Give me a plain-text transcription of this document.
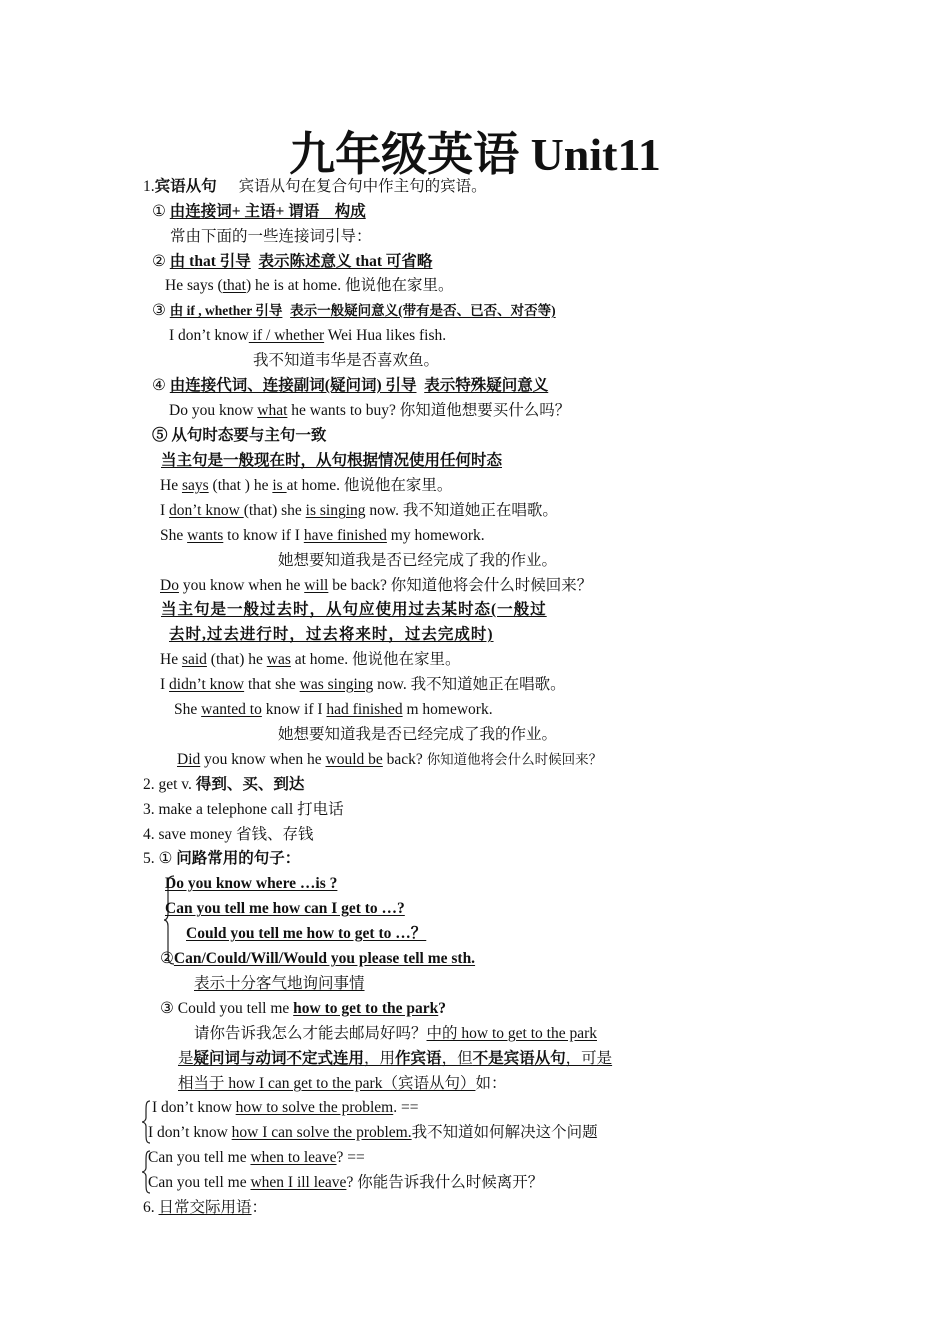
九年级英语 Unit11
1.宾语从句 宾语从句在复合句中作主句的宾语。
① 由连接词+ 主语+ 谓语　构成
常由下面的一些连接词引导：
② 由 that 引导 表示陈述意义 that 可省略
He says (that) he is at home. 他说他在家里。
③ 由 if , whether 引导 表示一般疑问意义(带有是否、已否、对否等)
I don’t know if / whether Wei Hua likes fish.
我不知道韦华是否喜欢鱼。
④ 由连接代词、连接副词(疑问词) 引导 表示特殊疑问意义
Do you know what he wants to buy? 你知道他想要买什么吗？
⑤ 从句时态要与主句一致
当主句是一般现在时，从句根据情况使用任何时态
He says (that ) he is at home. 他说他在家里。
I don’t know (that) she is singing now. 我不知道她正在唱歌。
She wants to know if I have finished my homework.
她想要知道我是否已经完成了我的作业。
Do you know when he will be back? 你知道他将会什么时候回来？
当主句是一般过去时，从句应使用过去某时态(一般过
去时,过去进行时，过去将来时，过去完成时)
He said (that) he was at home. 他说他在家里。
I didn’t know that she was singing now. 我不知道她正在唱歌。
She wanted to know if I had finished m homework.
她想要知道我是否已经完成了我的作业。
Did you know when he would be back? 你知道他将会什么时候回来？
2. get v. 得到、买、到达
3. make a telephone call 打电话
4. save money 省钱、存钱
5. ① 问路常用的句子：
Do you know where …is ?
Can you tell me how can I get to …?
Could you tell me how to get to …？
②Can/Could/Will/Would you please tell me sth.
表示十分客气地询问事情
③ Could you tell me how to get to the park?
请你告诉我怎么才能去邮局好吗？中的 how to get to the park
是疑问词与动词不定式连用，用作宾语，但不是宾语从句，可是
相当于 how I can get to the park（宾语从句）如：
I don’t know how to solve the problem. ==
I don’t know how I can solve the problem.我不知道如何解决这个问题
Can you tell me when to leave? ==
Can you tell me when I ill leave? 你能告诉我什么时候离开？
6. 日常交际用语：
